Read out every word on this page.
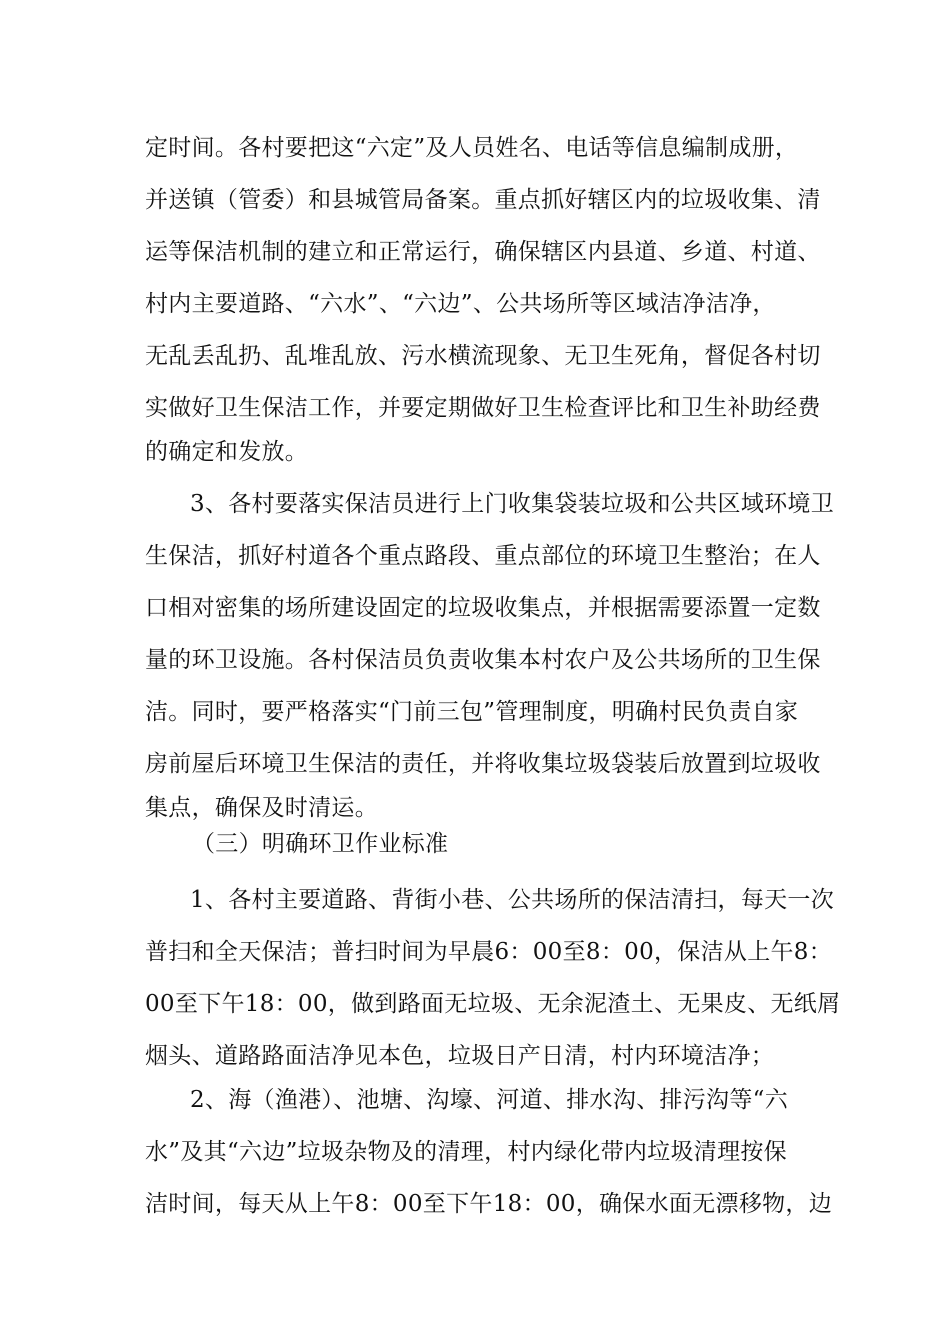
定时间。各村要把这“六定”及人员姓名、电话等信息编制成册，
并送镇（管委）和县城管局备案。重点抓好辖区内的垃圾收集、清
运等保洁机制的建立和正常运行，确保辖区内县道、乡道、村道、
村内主要道路、“六水”、“六边”、公共场所等区域洁净洁净，
无乱丢乱扔、乱堆乱放、污水横流现象、无卫生死角，督促各村切
实做好卫生保洁工作，并要定期做好卫生检查评比和卫生补助经费
的确定和发放。
3、各村要落实保洁员进行上门收集袋装垃圾和公共区域环境卫
生保洁，抓好村道各个重点路段、重点部位的环境卫生整治；在人
口相对密集的场所建设固定的垃圾收集点，并根据需要添置一定数
量的环卫设施。各村保洁员负责收集本村农户及公共场所的卫生保
洁。同时，要严格落实“门前三包”管理制度，明确村民负责自家
房前屋后环境卫生保洁的责任，并将收集垃圾袋装后放置到垃圾收
集点，确保及时清运。
（三）明确环卫作业标准
1、各村主要道路、背街小巷、公共场所的保洁清扫，每天一次
普扫和全天保洁；普扫时间为早晨6：00至8：00，保洁从上午8：
00至下午18：00，做到路面无垃圾、无余泥渣土、无果皮、无纸屑
烟头、道路路面洁净见本色，垃圾日产日清，村内环境洁净；
2、海（渔港）、池塘、沟壕、河道、排水沟、排污沟等“六
水”及其“六边”垃圾杂物及的清理，村内绿化带内垃圾清理按保
洁时间，每天从上午8：00至下午18：00，确保水面无漂移物，边
